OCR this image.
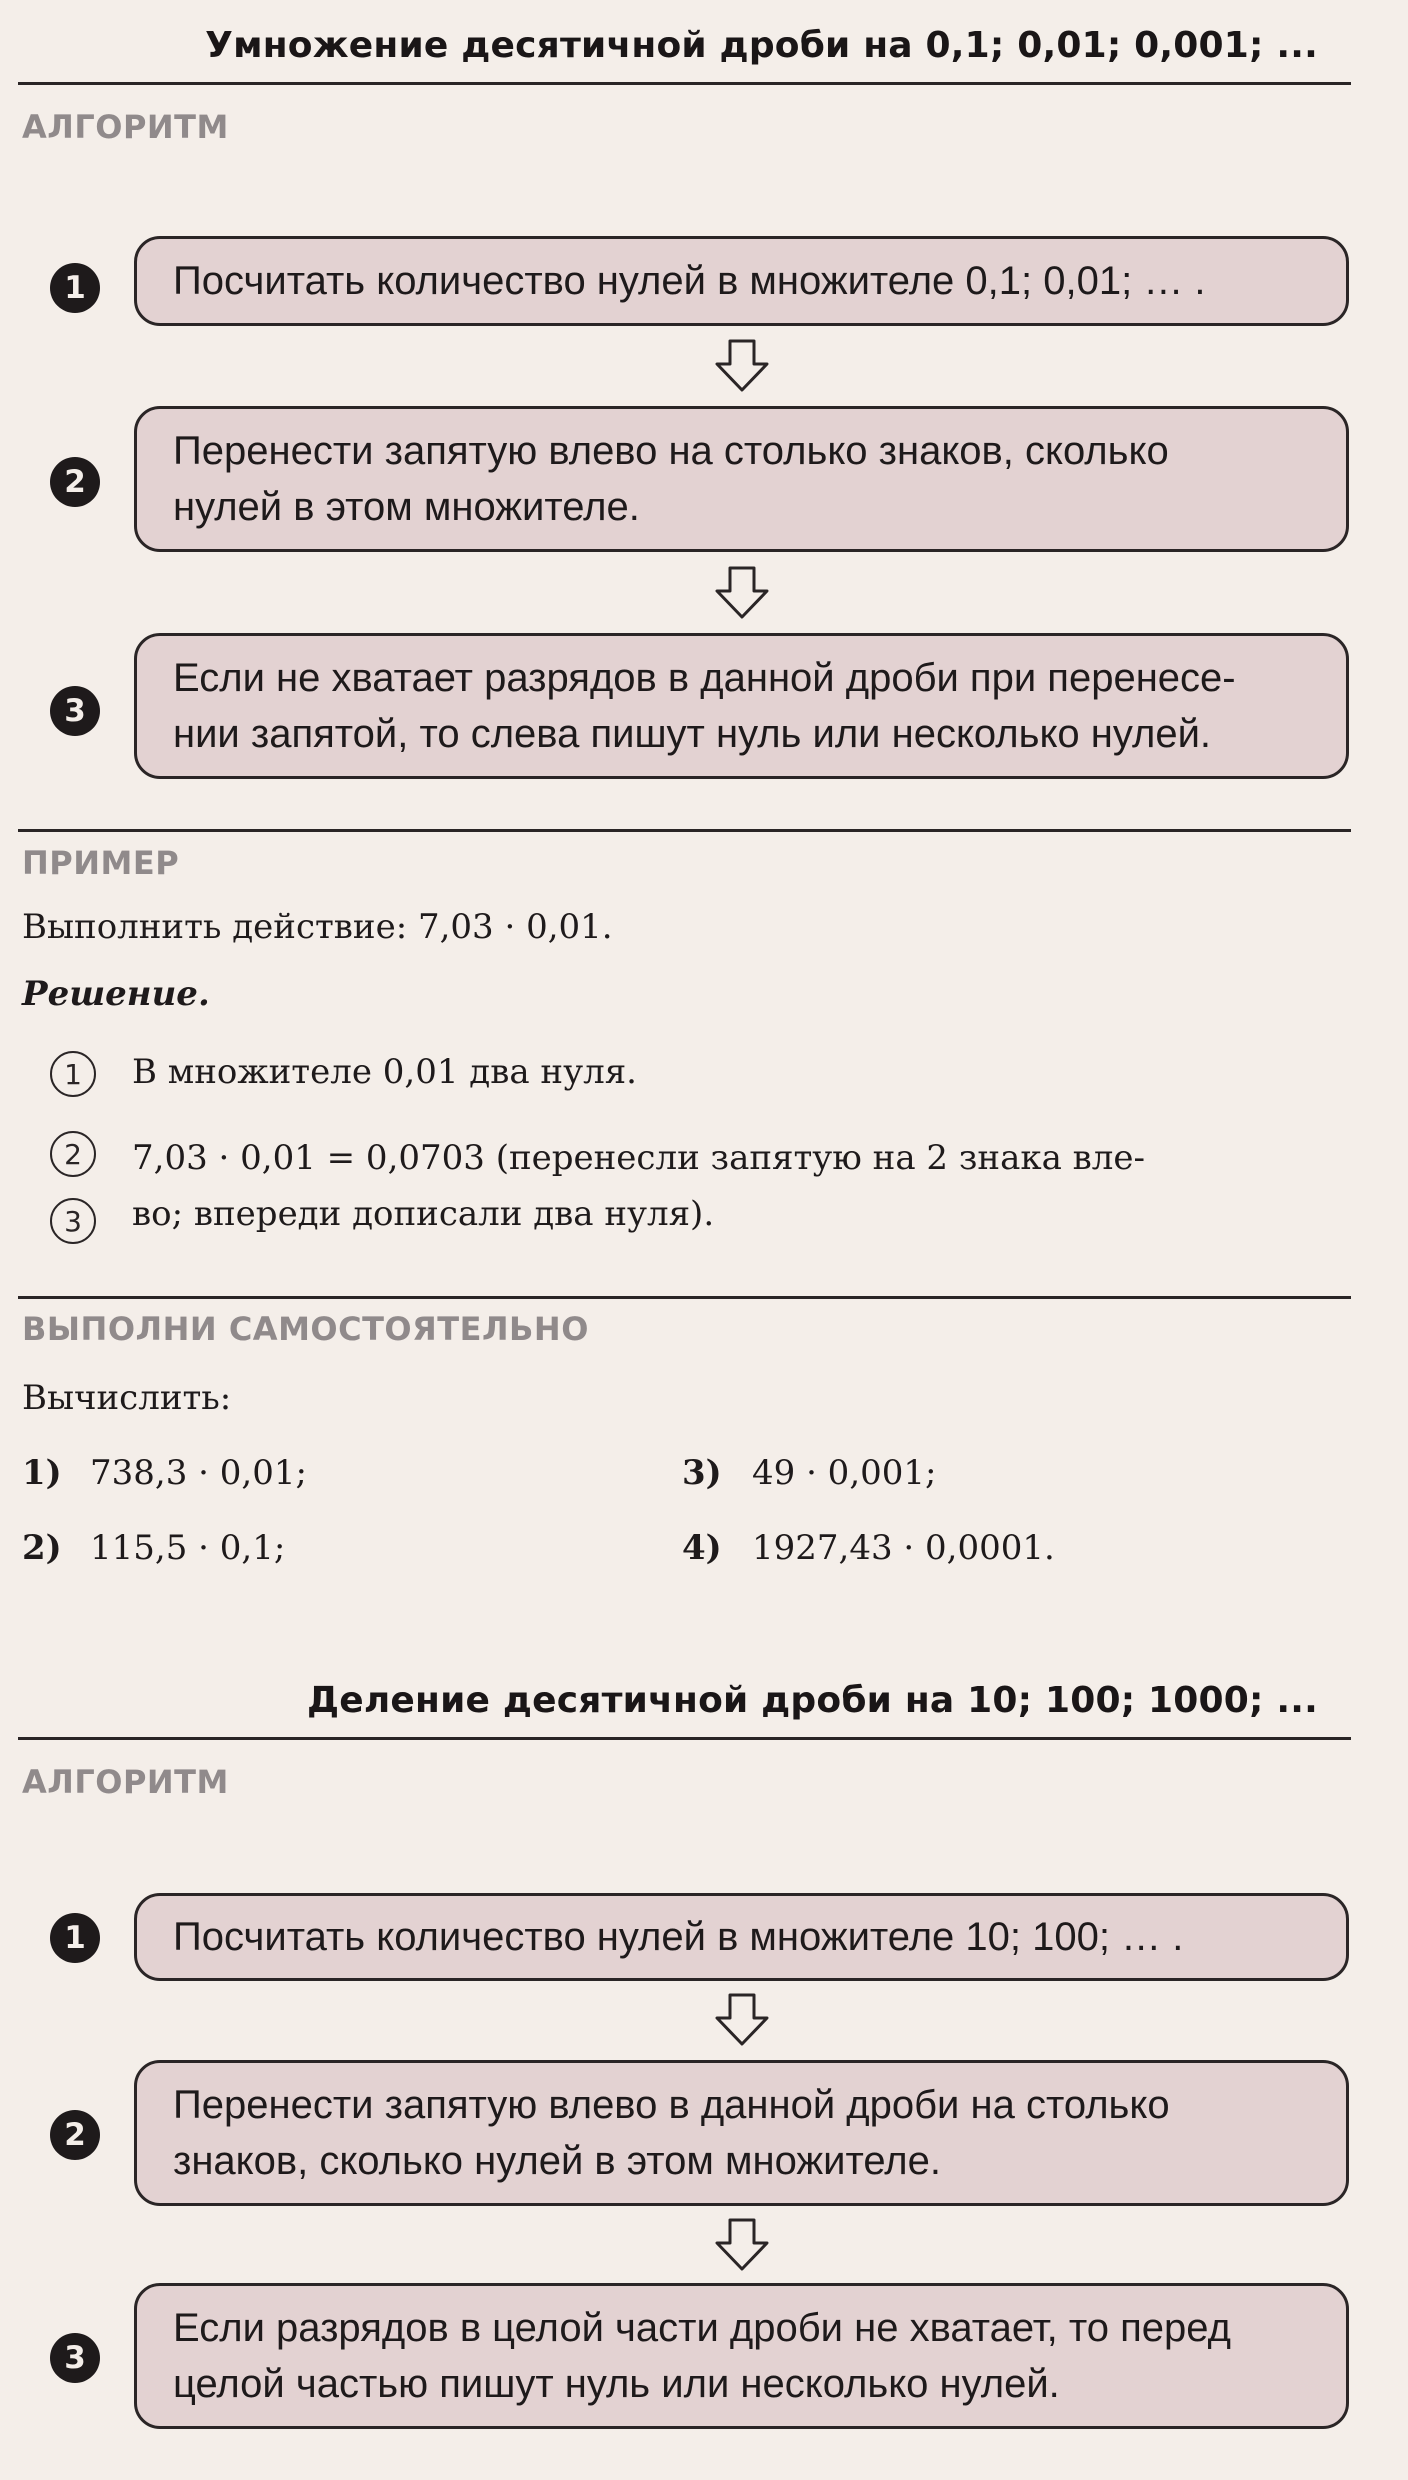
Умножение десятичной дроби на 0,1; 0,01; 0,001; ...
АЛГОРИТМ
1	Посчитать количество нулей в множителе 0,1; 0,01; … .
2
Перенести запятую влево на столько знаков, сколько
нулей в этом множителе.
3
Если не хватает разрядов в данной дроби при перенесе-
нии запятой, то слева пишут нуль или несколько нулей.
ПРИМЕР
Выполнить действие: 7,03 · 0,01.
Решение.
1	В множителе 0,01 два нуля.
2	7,03 · 0,01 = 0,0703 (перенесли запятую на 2 знака вле-
3	во; впереди дописали два нуля).
ВЫПОЛНИ САМОСТОЯТЕЛЬНО
Вычислить:
1) 738,3 · 0,01;
2) 115,5 · 0,1;
3) 49 · 0,001;
4) 1927,43 · 0,0001.
Деление десятичной дроби на 10; 100; 1000; ...
АЛГОРИТМ
1	Посчитать количество нулей в множителе 10; 100; … .
2
Перенести запятую влево в данной дроби на столько
знаков, сколько нулей в этом множителе.
3
Если разрядов в целой части дроби не хватает, то перед
целой частью пишут нуль или несколько нулей.
